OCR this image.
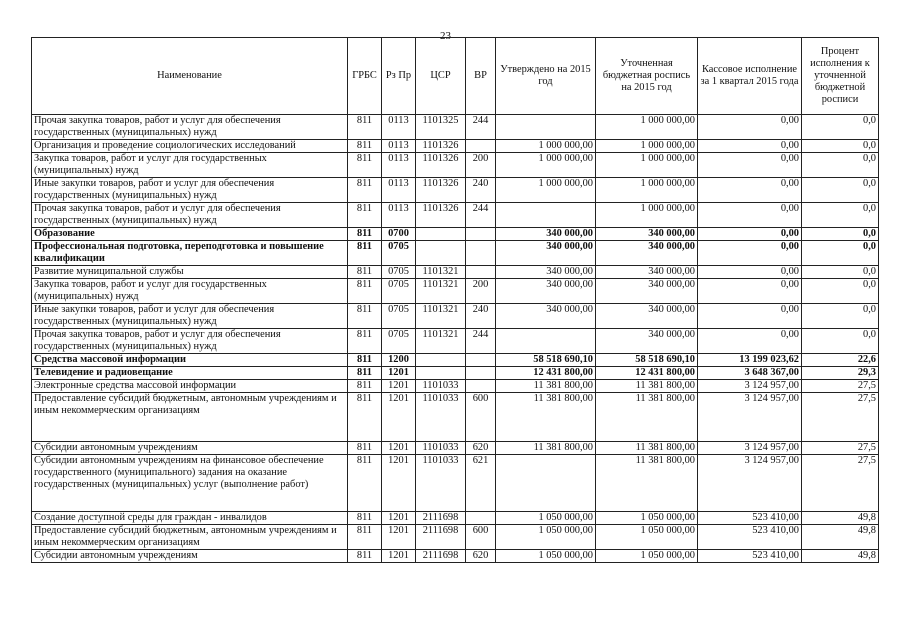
23
Наименование	ГРБС	Рз Пр	ЦСР	ВР	Утверждено на 2015 год	Уточненная бюджетная роспись на 2015 год	Кассовое исполнение за 1 квартал 2015 года	Процент исполнения к уточненной бюджетной росписи
Прочая закупка товаров, работ и услуг для обеспечения государственных (муниципальных) нужд	811	0113	1101325	244		1 000 000,00	0,00	0,0
Организация и проведение социологических исследований	811	0113	1101326		1 000 000,00	1 000 000,00	0,00	0,0
Закупка товаров, работ и услуг для государственных (муниципальных) нужд	811	0113	1101326	200	1 000 000,00	1 000 000,00	0,00	0,0
Иные закупки товаров, работ и услуг для обеспечения государственных (муниципальных) нужд	811	0113	1101326	240	1 000 000,00	1 000 000,00	0,00	0,0
Прочая закупка товаров, работ и услуг для обеспечения государственных (муниципальных) нужд	811	0113	1101326	244		1 000 000,00	0,00	0,0
Образование	811	0700			340 000,00	340 000,00	0,00	0,0
Профессиональная подготовка, переподготовка и повышение квалификации	811	0705			340 000,00	340 000,00	0,00	0,0
Развитие муниципальной службы	811	0705	1101321		340 000,00	340 000,00	0,00	0,0
Закупка товаров, работ и услуг для государственных (муниципальных) нужд	811	0705	1101321	200	340 000,00	340 000,00	0,00	0,0
Иные закупки товаров, работ и услуг для обеспечения государственных (муниципальных) нужд	811	0705	1101321	240	340 000,00	340 000,00	0,00	0,0
Прочая закупка товаров, работ и услуг для обеспечения государственных (муниципальных) нужд	811	0705	1101321	244		340 000,00	0,00	0,0
Средства массовой информации	811	1200			58 518 690,10	58 518 690,10	13 199 023,62	22,6
Телевидение и радиовещание	811	1201			12 431 800,00	12 431 800,00	3 648 367,00	29,3
Электронные средства массовой информации	811	1201	1101033		11 381 800,00	11 381 800,00	3 124 957,00	27,5
Предоставление субсидий бюджетным, автономным учреждениям и иным некоммерческим организациям	811	1201	1101033	600	11 381 800,00	11 381 800,00	3 124 957,00	27,5
Субсидии автономным учреждениям	811	1201	1101033	620	11 381 800,00	11 381 800,00	3 124 957,00	27,5
Субсидии автономным учреждениям на финансовое обеспечение государственного (муниципального) задания на оказание государственных (муниципальных) услуг (выполнение работ)	811	1201	1101033	621		11 381 800,00	3 124 957,00	27,5
Создание доступной среды для граждан - инвалидов	811	1201	2111698		1 050 000,00	1 050 000,00	523 410,00	49,8
Предоставление субсидий бюджетным, автономным учреждениям и иным некоммерческим организациям	811	1201	2111698	600	1 050 000,00	1 050 000,00	523 410,00	49,8
Субсидии автономным учреждениям	811	1201	2111698	620	1 050 000,00	1 050 000,00	523 410,00	49,8
